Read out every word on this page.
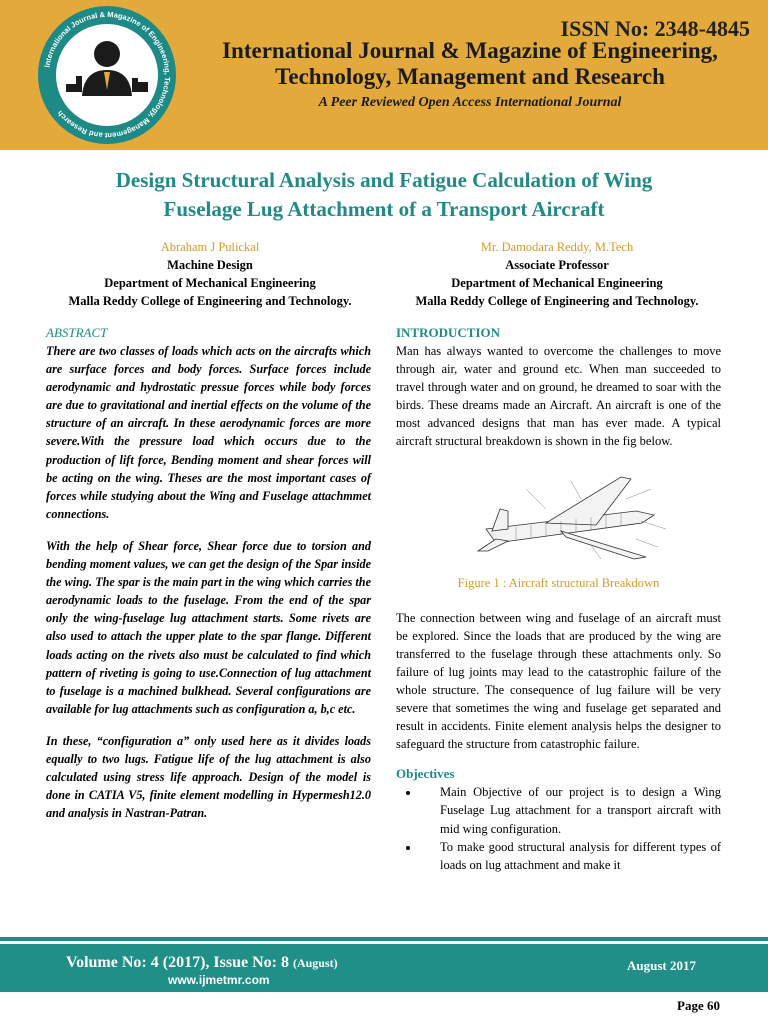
International Journal & Magazine of Engineering, Technology, Management and Research
IJMETMR
ISSN No: 2348-4845
International Journal & Magazine of Engineering,
Technology, Management and Research
A Peer Reviewed Open Access International Journal
Design Structural Analysis and Fatigue Calculation of Wing
Fuselage Lug Attachment of a Transport Aircraft
Abraham J Pulickal
Machine Design
Department of Mechanical Engineering
Malla Reddy College of Engineering and Technology.
Mr. Damodara Reddy, M.Tech
Associate Professor
Department of Mechanical Engineering
Malla Reddy College of Engineering and Technology.
ABSTRACT

There are two classes of loads which acts on the aircrafts which are surface forces and body forces. Surface forces include aerodynamic and hydrostatic pressue forces while body forces are due to gravitational and inertial effects on the volume of the structure of an aircraft. In these aerodynamic forces are more severe.With the pressure load which occurs due to the production of lift force, Bending moment and shear forces will be acting on the wing. Theses are the most important cases of forces while studying about the Wing and Fuselage attachmmet connections.

With the help of Shear force, Shear force due to torsion and bending moment values, we can get the design of the Spar inside the wing. The spar is the main part in the wing which carries the aerodynamic loads to the fuselage. From the end of the spar only the wing-fuselage lug attachment starts. Some rivets are also used to attach the upper plate to the spar flange. Different loads acting on the rivets also must be calculated to find which pattern of riveting is going to use.Connection of lug attachment to fuselage is a machined bulkhead. Several configurations are available for lug attachments such as configuration a, b,c etc.

In these, “configuration a” only used here as it divides loads equally to two lugs. Fatigue life of the lug attachment is also calculated using stress life approach. Design of the model is done in CATIA V5, finite element modelling in Hypermesh12.0 and analysis in Nastran-Patran.

INTRODUCTION

Man has always wanted to overcome the challenges to move through air, water and ground etc. When man succeeded to travel through water and on ground, he dreamed to soar with the birds. These dreams made an Aircraft. An aircraft is one of the most advanced designs that man has ever made. A typical aircraft structural breakdown is shown in the fig below.

Figure 1 : Aircraft structural Breakdown

The connection between wing and fuselage of an aircraft must be explored. Since the loads that are produced by the wing are transferred to the fuselage through these attachments only. So failure of lug joints may lead to the catastrophic failure of the whole structure. The consequence of lug failure will be very severe that sometimes the wing and fuselage get separated and result in accidents. Finite element analysis helps the designer to safeguard the structure from catastrophic failure.

Objectives
• Main Objective of our project is to design a Wing Fuselage Lug attachment for a transport aircraft with mid wing configuration.
• To make good structural analysis for different types of loads on lug attachment and make it
Volume No: 4 (2017), Issue No: 8 (August)
www.ijmetmr.com
August 2017
Page 60
